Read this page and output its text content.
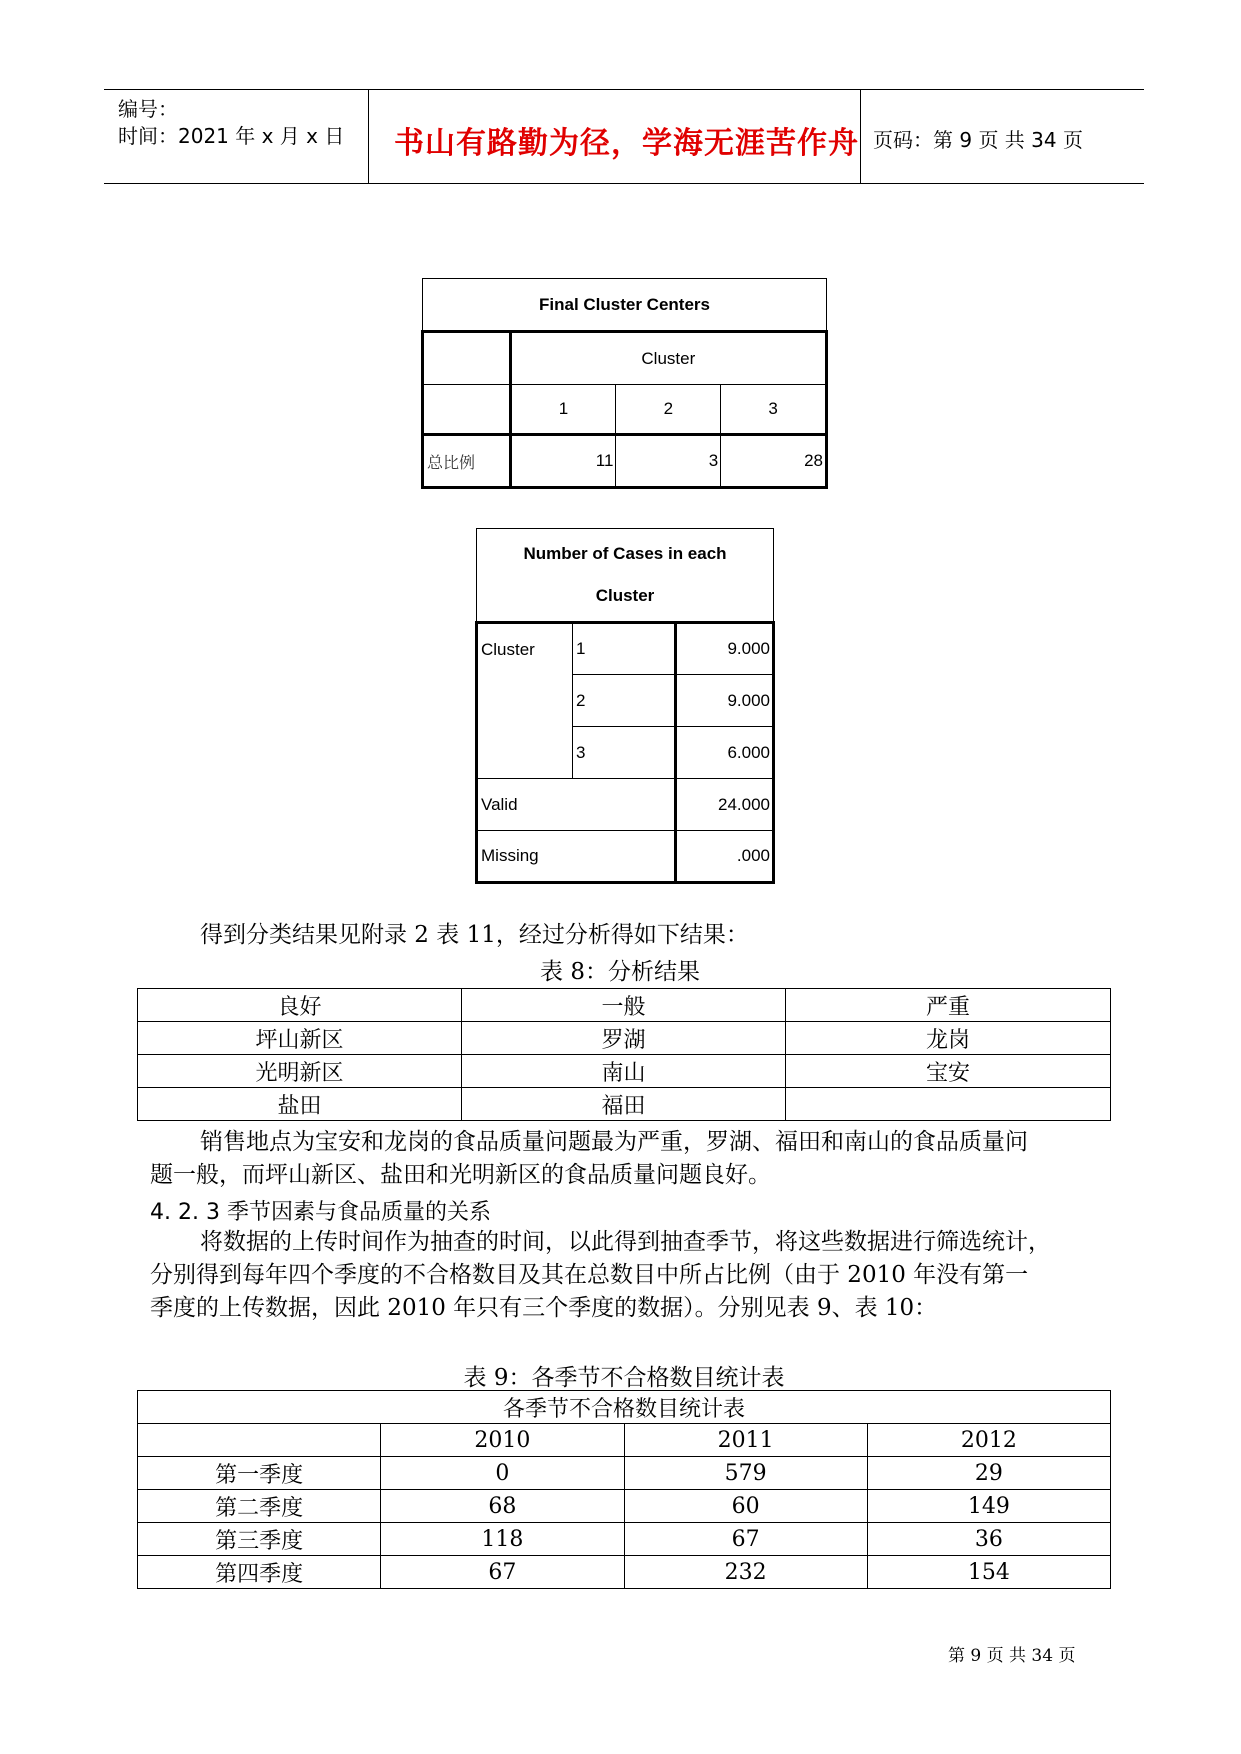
编号：
时间：2021 年 x 月 x 日 书山有路勤为径，学海无涯苦作舟 页码：第 9 页 共 34 页
Final Cluster Centers			
	Cluster		
	1	2	3
总比例	11	3	28
Number of Cases in each
Cluster		
Cluster	1	9.000
	2	9.000
	3	6.000
Valid		24.000
Missing		.000
得到分类结果见附录 2 表 11，经过分析得如下结果：
表 8：分析结果
良好	一般	严重
坪山新区	罗湖	龙岗
光明新区	南山	宝安
盐田	福田	
销售地点为宝安和龙岗的食品质量问题最为严重，罗湖、福田和南山的食品质量问
题一般，而坪山新区、盐田和光明新区的食品质量问题良好。
4. 2. 3 季节因素与食品质量的关系
将数据的上传时间作为抽查的时间，以此得到抽查季节，将这些数据进行筛选统计，
分别得到每年四个季度的不合格数目及其在总数目中所占比例（由于 2010 年没有第一
季度的上传数据，因此 2010 年只有三个季度的数据）。分别见表 9、表 10：
表 9：各季节不合格数目统计表
各季节不合格数目统计表			
	2010	2011	2012
第一季度	0	579	29
第二季度	68	60	149
第三季度	118	67	36
第四季度	67	232	154
第 9 页 共 34 页
